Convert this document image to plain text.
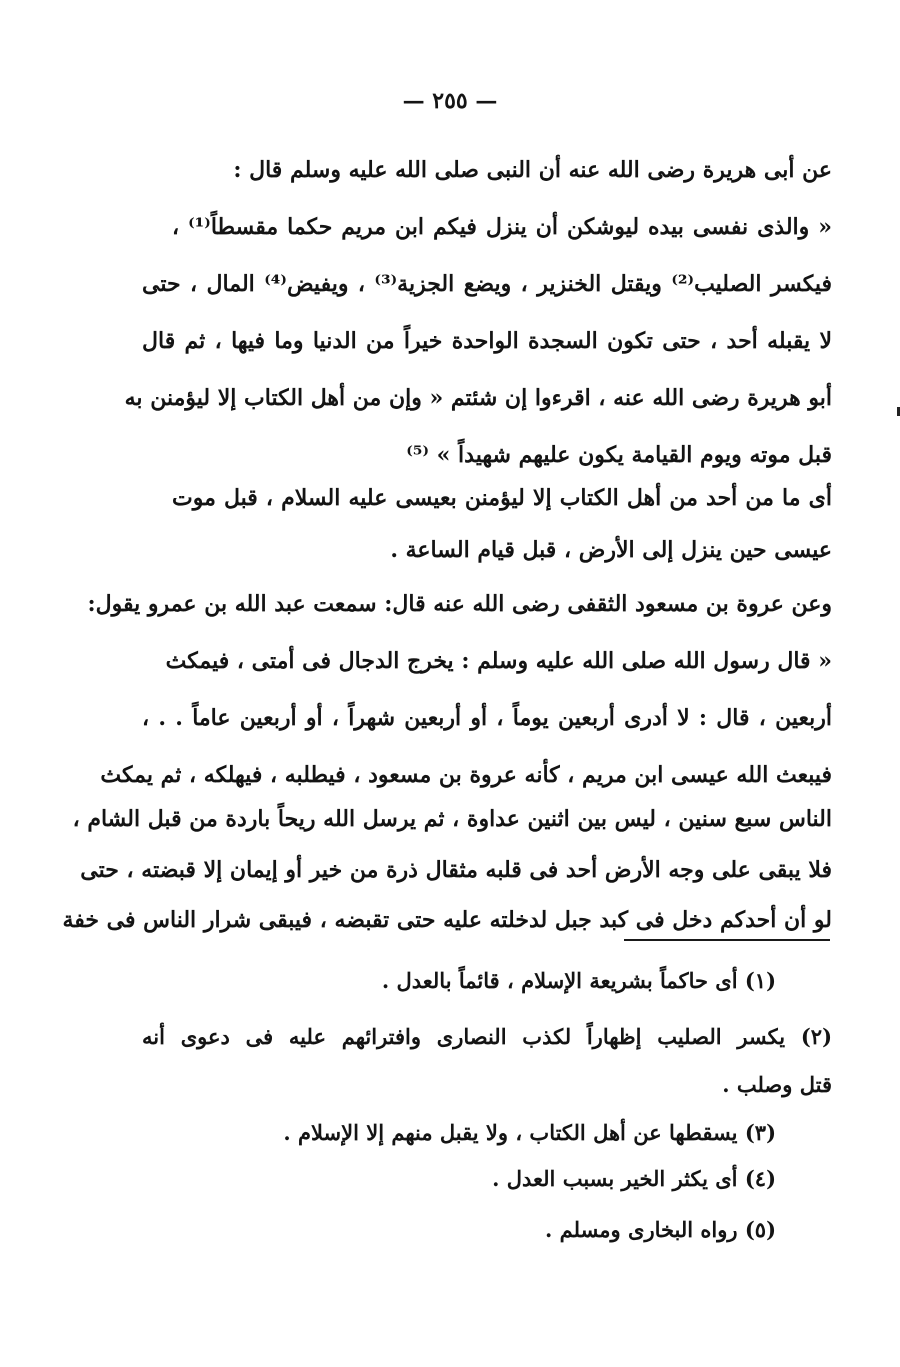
— ٢٥٥ —
عن أبى هريرة رضى الله عنه أن النبى صلى الله عليه وسلم قال :
« والذى نفسى بيده ليوشكن أن ينزل فيكم ابن مريم حكما مقسطاً⁽¹⁾ ،
فيكسر الصليب⁽²⁾ ويقتل الخنزير ، ويضع الجزية⁽³⁾ ، ويفيض⁽⁴⁾ المال ، حتى
لا يقبله أحد ، حتى تكون السجدة الواحدة خيراً من الدنيا وما فيها ، ثم قال
أبو هريرة رضى الله عنه ، اقرءوا إن شئتم « وإن من أهل الكتاب إلا ليؤمنن به
قبل موته ويوم القيامة يكون عليهم شهيداً » ⁽⁵⁾
أى ما من أحد من أهل الكتاب إلا ليؤمنن بعيسى عليه السلام ، قبل موت
عيسى حين ينزل إلى الأرض ، قبل قيام الساعة .
وعن عروة بن مسعود الثقفى رضى الله عنه قال: سمعت عبد الله بن عمرو يقول:
« قال رسول الله صلى الله عليه وسلم : يخرج الدجال فى أمتى ، فيمكث
أربعين ، قال : لا أدرى أربعين يوماً ، أو أربعين شهراً ، أو أربعين عاماً . . ،
فيبعث الله عيسى ابن مريم ، كأنه عروة بن مسعود ، فيطلبه ، فيهلكه ، ثم يمكث
الناس سبع سنين ، ليس بين اثنين عداوة ، ثم يرسل الله ريحاً باردة من قبل الشام ،
فلا يبقى على وجه الأرض أحد فى قلبه مثقال ذرة من خير أو إيمان إلا قبضته ، حتى
لو أن أحدكم دخل فى كبد جبل لدخلته عليه حتى تقبضه ، فيبقى شرار الناس فى خفة
(١) أى حاكماً بشريعة الإسلام ، قائماً بالعدل .
(٢) يكسر الصليب إظهاراً لكذب النصارى وافترائهم عليه فى دعوى أنه
قتل وصلب .
(٣) يسقطها عن أهل الكتاب ، ولا يقبل منهم إلا الإسلام .
(٤) أى يكثر الخير بسبب العدل .
(٥) رواه البخارى ومسلم .
